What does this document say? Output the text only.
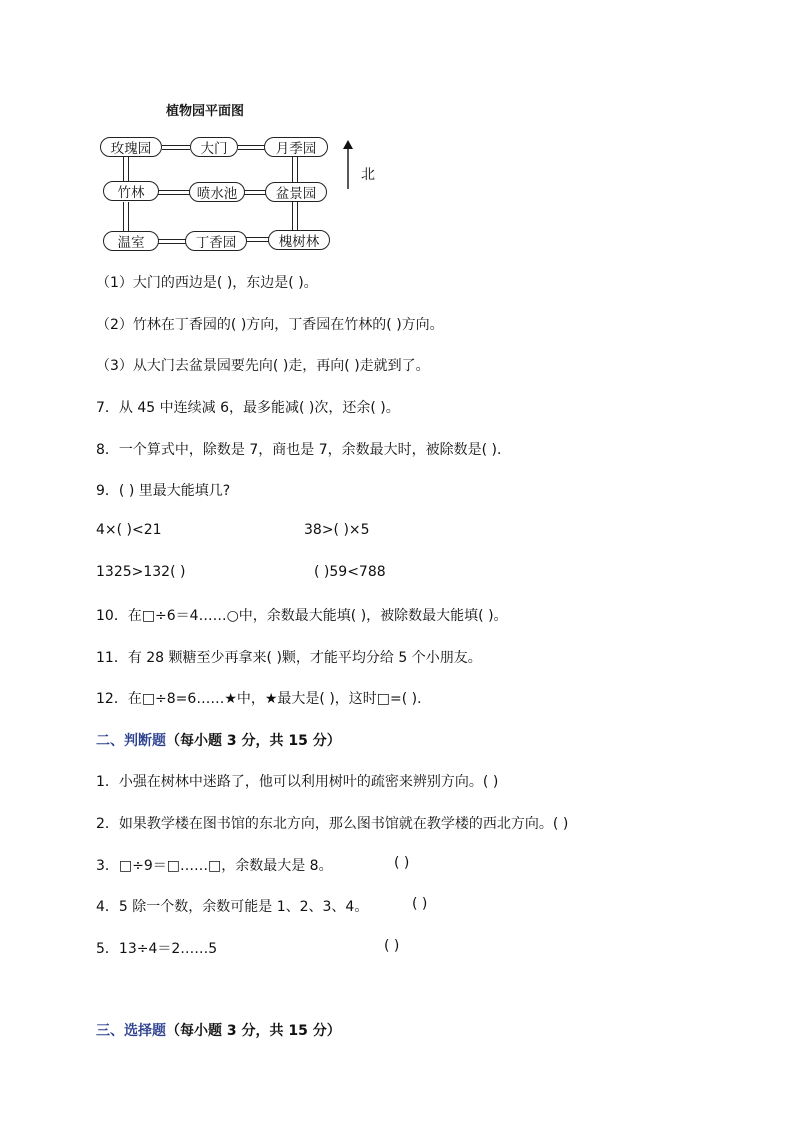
植物园平面图
玫瑰园	大门	月季园
竹林	喷水池	盆景园
温室	丁香园	槐树林
北
（1）大门的西边是( )，东边是( )。
（2）竹林在丁香园的( )方向，丁香园在竹林的( )方向。
（3）从大门去盆景园要先向( )走，再向( )走就到了。
7．从 45 中连续减 6，最多能减( )次，还余( )。
8．一个算式中，除数是 7，商也是 7，余数最大时，被除数是( )．
9．( ) 里最大能填几?
4×( )<21	38>( )×5
1325>132( )	( )59<788
10．在□÷6＝4……○中，余数最大能填( )，被除数最大能填( )。
11．有 28 颗糖至少再拿来( )颗，才能平均分给 5 个小朋友。
12．在□÷8=6……★中，★最大是( )，这时□=( )．
二、判断题（每小题 3 分，共 15 分）
1．小强在树林中迷路了，他可以利用树叶的疏密来辨别方向。( )
2．如果教学楼在图书馆的东北方向，那么图书馆就在教学楼的西北方向。( )
3．□÷9＝□……□，余数最大是 8。	( )
4．5 除一个数，余数可能是 1、2、3、4。	( )
5．13÷4＝2……5	( )
三、选择题（每小题 3 分，共 15 分）
